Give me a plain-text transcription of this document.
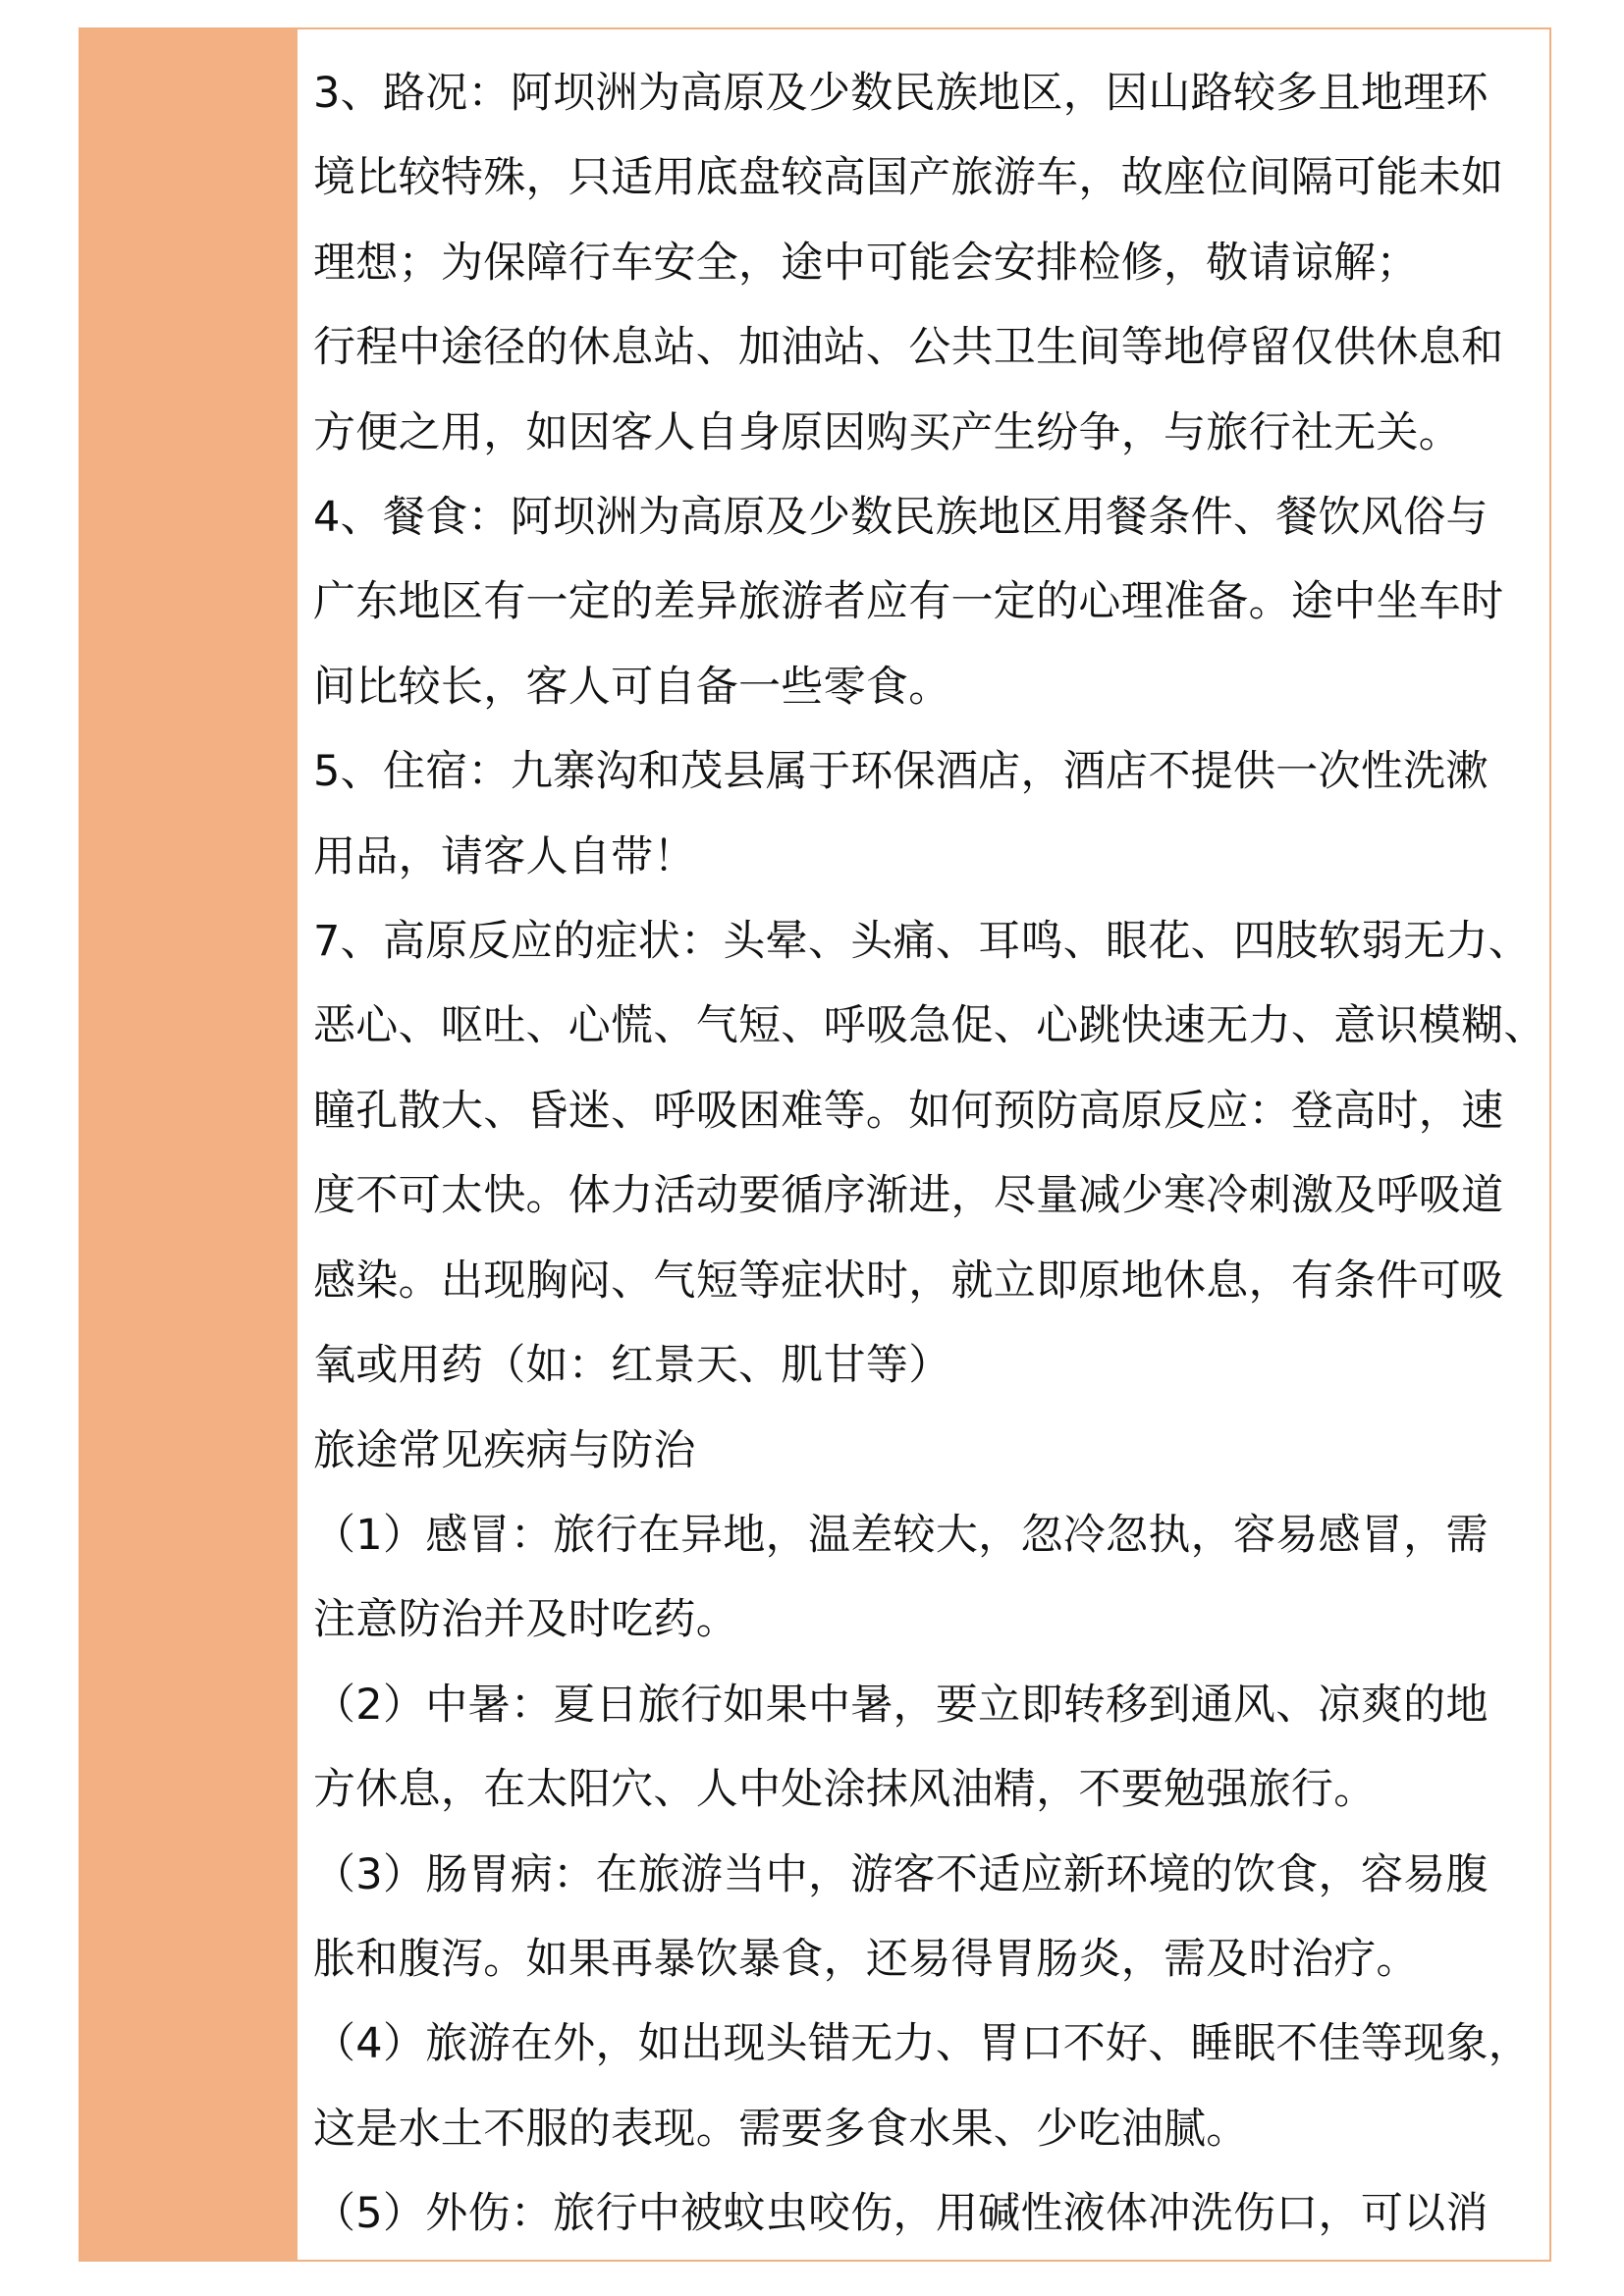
3、路况：阿坝洲为高原及少数民族地区，因山路较多且地理环

境比较特殊，只适用底盘较高国产旅游车，故座位间隔可能未如

理想；为保障行车安全，途中可能会安排检修，敬请谅解；

行程中途径的休息站、加油站、公共卫生间等地停留仅供休息和

方便之用，如因客人自身原因购买产生纷争，与旅行社无关。

4、餐食：阿坝洲为高原及少数民族地区用餐条件、餐饮风俗与

广东地区有一定的差异旅游者应有一定的心理准备。途中坐车时

间比较长，客人可自备一些零食。

5、住宿：九寨沟和茂县属于环保酒店，酒店不提供一次性洗漱

用品，请客人自带！

7、高原反应的症状：头晕、头痛、耳鸣、眼花、四肢软弱无力、

恶心、呕吐、心慌、气短、呼吸急促、心跳快速无力、意识模糊、

瞳孔散大、昏迷、呼吸困难等。如何预防高原反应：登高时，速

度不可太快。体力活动要循序渐进，尽量减少寒冷刺激及呼吸道

感染。出现胸闷、气短等症状时，就立即原地休息，有条件可吸

氧或用药（如：红景天、肌甘等）

旅途常见疾病与防治

（1）感冒：旅行在异地，温差较大，忽冷忽执，容易感冒，需

注意防治并及时吃药。

（2）中暑：夏日旅行如果中暑，要立即转移到通风、凉爽的地

方休息，在太阳穴、人中处涂抹风油精，不要勉强旅行。

（3）肠胃病：在旅游当中，游客不适应新环境的饮食，容易腹

胀和腹泻。如果再暴饮暴食，还易得胃肠炎，需及时治疗。

（4）旅游在外，如出现头错无力、胃口不好、睡眠不佳等现象，

这是水土不服的表现。需要多食水果、少吃油腻。

（5）外伤：旅行中被蚊虫咬伤，用碱性液体冲洗伤口，可以消
